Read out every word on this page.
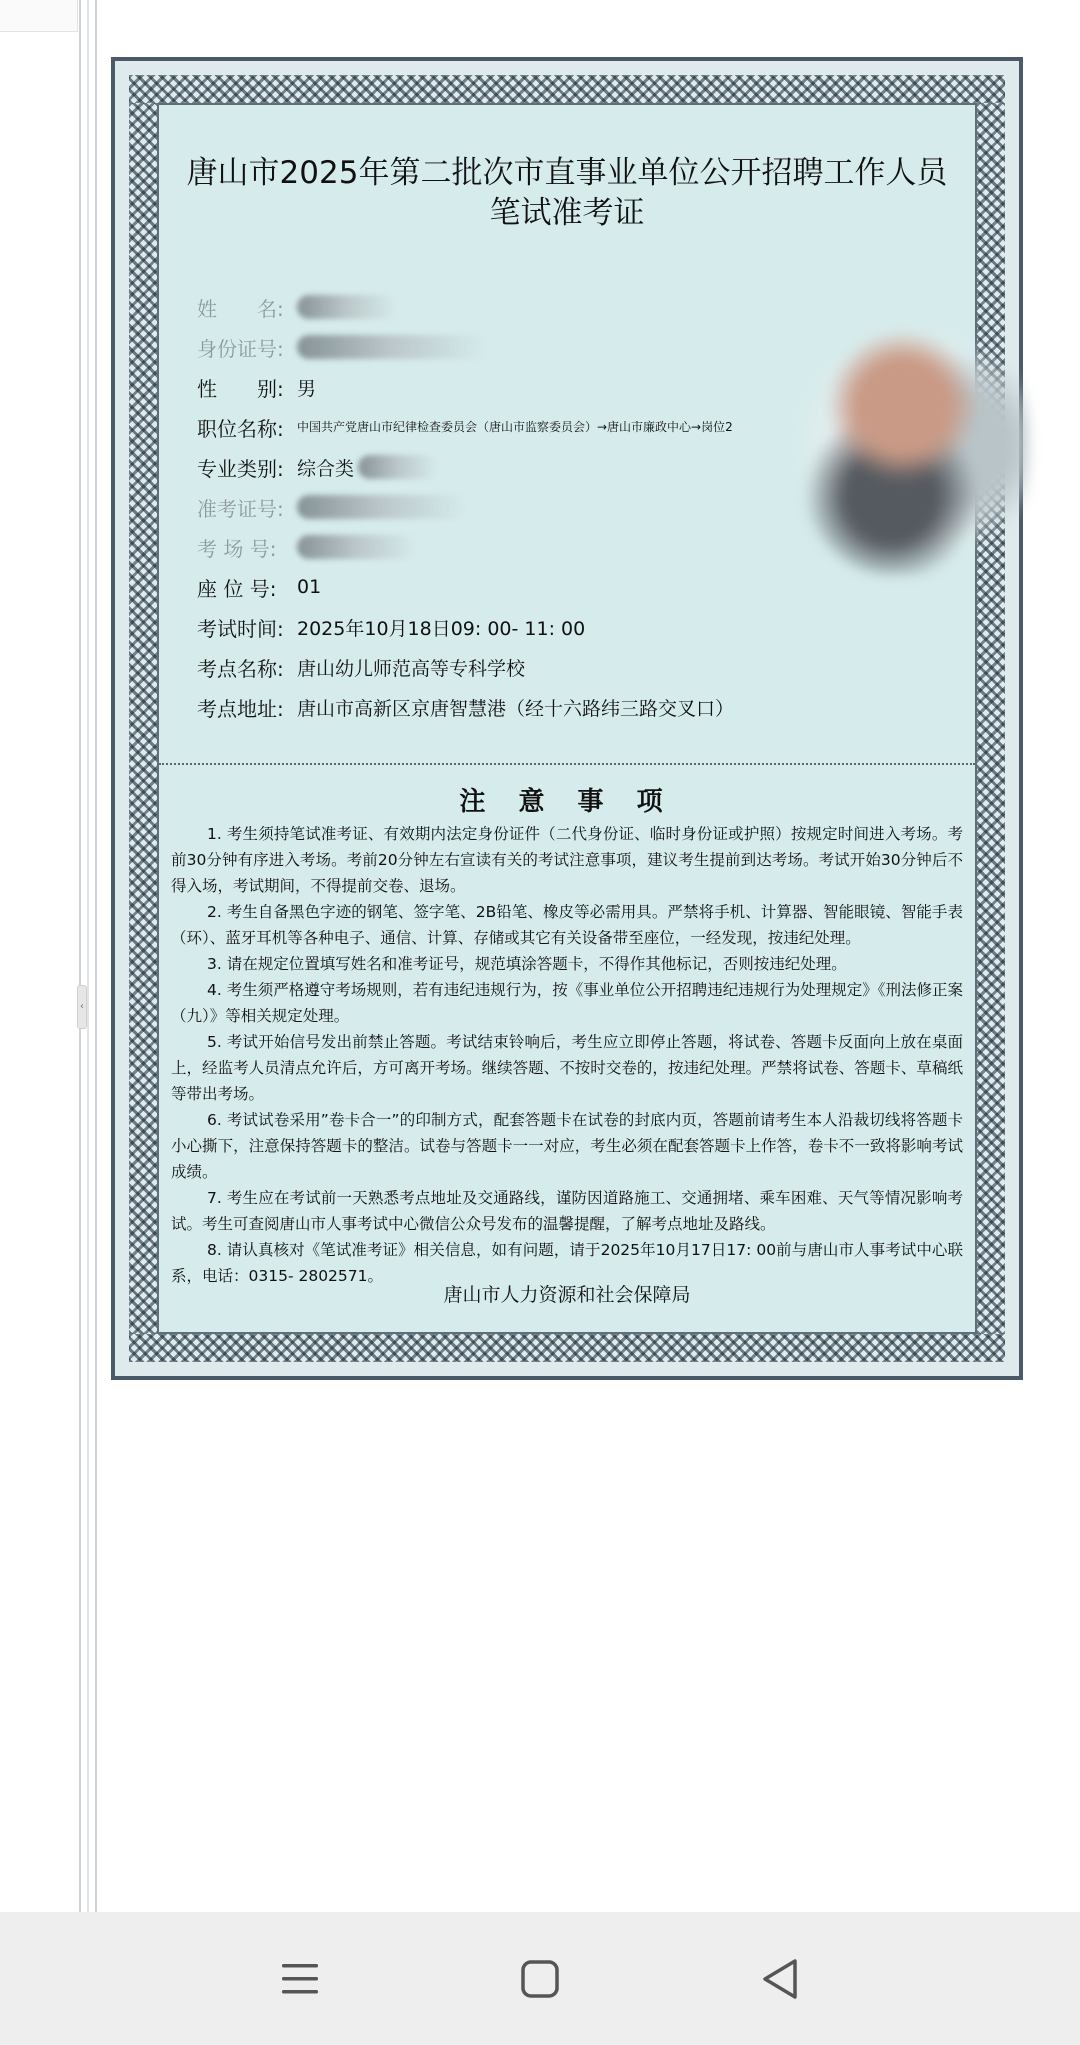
‹
唐山市2025年第二批次市直事业单位公开招聘工作人员
笔试准考证
姓　　名:
身份证号:
性　　别: 男
职位名称:	中国共产党唐山市纪律检查委员会（唐山市监察委员会）→唐山市廉政中心→岗位2
专业类别: 综合类
准考证号:
考 场 号:
座 位 号:	01
考试时间: 2025年10月18日09: 00- 11: 00
考点名称: 唐山幼儿师范高等专科学校
考点地址: 唐山市高新区京唐智慧港（经十六路纬三路交叉口）
注 意 事 项

1. 考生须持笔试准考证、有效期内法定身份证件（二代身份证、临时身份证或护照）按规定时间进入考场。考前30分钟有序进入考场。考前20分钟左右宣读有关的考试注意事项，建议考生提前到达考场。考试开始30分钟后不得入场，考试期间，不得提前交卷、退场。

2. 考生自备黑色字迹的钢笔、签字笔、2B铅笔、橡皮等必需用具。严禁将手机、计算器、智能眼镜、智能手表（环）、蓝牙耳机等各种电子、通信、计算、存储或其它有关设备带至座位，一经发现，按违纪处理。

3. 请在规定位置填写姓名和准考证号，规范填涂答题卡，不得作其他标记，否则按违纪处理。

4. 考生须严格遵守考场规则，若有违纪违规行为，按《事业单位公开招聘违纪违规行为处理规定》《刑法修正案（九）》等相关规定处理。

5. 考试开始信号发出前禁止答题。考试结束铃响后，考生应立即停止答题，将试卷、答题卡反面向上放在桌面上，经监考人员清点允许后，方可离开考场。继续答题、不按时交卷的，按违纪处理。严禁将试卷、答题卡、草稿纸等带出考场。

6. 考试试卷采用”卷卡合一”的印制方式，配套答题卡在试卷的封底内页，答题前请考生本人沿裁切线将答题卡小心撕下，注意保持答题卡的整洁。试卷与答题卡一一对应，考生必须在配套答题卡上作答，卷卡不一致将影响考试成绩。

7. 考生应在考试前一天熟悉考点地址及交通路线，谨防因道路施工、交通拥堵、乘车困难、天气等情况影响考试。考生可查阅唐山市人事考试中心微信公众号发布的温馨提醒，了解考点地址及路线。

8. 请认真核对《笔试准考证》相关信息，如有问题，请于2025年10月17日17: 00前与唐山市人事考试中心联系，电话：0315- 2802571。

唐山市人力资源和社会保障局
